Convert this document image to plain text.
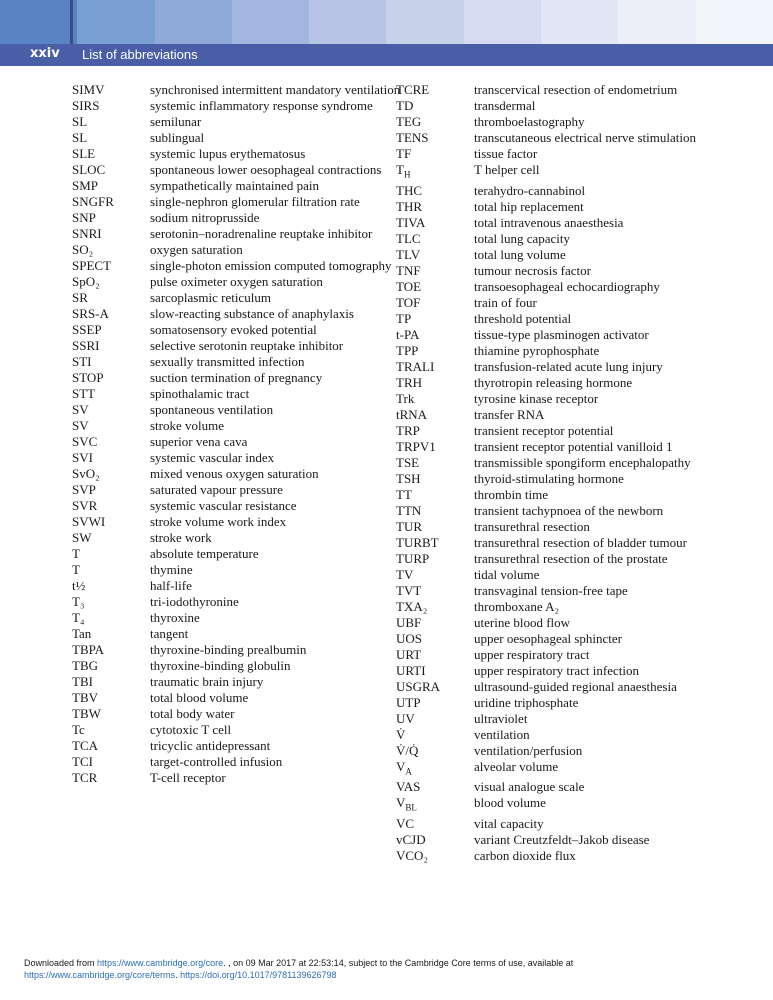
xxiv List of abbreviations
SIMV	synchronised intermittent mandatory ventilation
SIRS	systemic inflammatory response syndrome
SL	semilunar
SL	sublingual
SLE	systemic lupus erythematosus
SLOC	spontaneous lower oesophageal contractions
SMP	sympathetically maintained pain
SNGFR	single-nephron glomerular filtration rate
SNP	sodium nitroprusside
SNRI	serotonin–noradrenaline reuptake inhibitor
SO₂	oxygen saturation
SPECT	single-photon emission computed tomography
SpO₂	pulse oximeter oxygen saturation
SR	sarcoplasmic reticulum
SRS-A	slow-reacting substance of anaphylaxis
SSEP	somatosensory evoked potential
SSRI	selective serotonin reuptake inhibitor
STI	sexually transmitted infection
STOP	suction termination of pregnancy
STT	spinothalamic tract
SV	spontaneous ventilation
SV	stroke volume
SVC	superior vena cava
SVI	systemic vascular index
SvO₂	mixed venous oxygen saturation
SVP	saturated vapour pressure
SVR	systemic vascular resistance
SVWI	stroke volume work index
SW	stroke work
T	absolute temperature
T	thymine
t½	half-life
T₃	tri-iodothyronine
T₄	thyroxine
Tan	tangent
TBPA	thyroxine-binding prealbumin
TBG	thyroxine-binding globulin
TBI	traumatic brain injury
TBV	total blood volume
TBW	total body water
Tc	cytotoxic T cell
TCA	tricyclic antidepressant
TCI	target-controlled infusion
TCR	T-cell receptor
TCRE	transcervical resection of endometrium
TD	transdermal
TEG	thromboelastography
TENS	transcutaneous electrical nerve stimulation
TF	tissue factor
$T_H$	T helper cell
THC	terahydro-cannabinol
THR	total hip replacement
TIVA	total intravenous anaesthesia
TLC	total lung capacity
TLV	total lung volume
TNF	tumour necrosis factor
TOE	transoesophageal echocardiography
TOF	train of four
TP	threshold potential
t-PA	tissue-type plasminogen activator
TPP	thiamine pyrophosphate
TRALI	transfusion-related acute lung injury
TRH	thyrotropin releasing hormone
Trk	tyrosine kinase receptor
tRNA	transfer RNA
TRP	transient receptor potential
TRPV1	transient receptor potential vanilloid 1
TSE	transmissible spongiform encephalopathy
TSH	thyroid-stimulating hormone
TT	thrombin time
TTN	transient tachypnoea of the newborn
TUR	transurethral resection
TURBT	transurethral resection of bladder tumour
TURP	transurethral resection of the prostate
TV	tidal volume
TVT	transvaginal tension-free tape
TXA₂	thromboxane A₂
UBF	uterine blood flow
UOS	upper oesophageal sphincter
URT	upper respiratory tract
URTI	upper respiratory tract infection
USGRA	ultrasound-guided regional anaesthesia
UTP	uridine triphosphate
UV	ultraviolet
V̇	ventilation
V̇/Q̇	ventilation/perfusion
$V_A$	alveolar volume
VAS	visual analogue scale
$V_{BL}$	blood volume
VC	vital capacity
vCJD	variant Creutzfeldt–Jakob disease
VCO₂	carbon dioxide flux
Downloaded from https://www.cambridge.org/core. , on 09 Mar 2017 at 22:53:14, subject to the Cambridge Core terms of use, available at
https://www.cambridge.org/core/terms. https://doi.org/10.1017/9781139626798
